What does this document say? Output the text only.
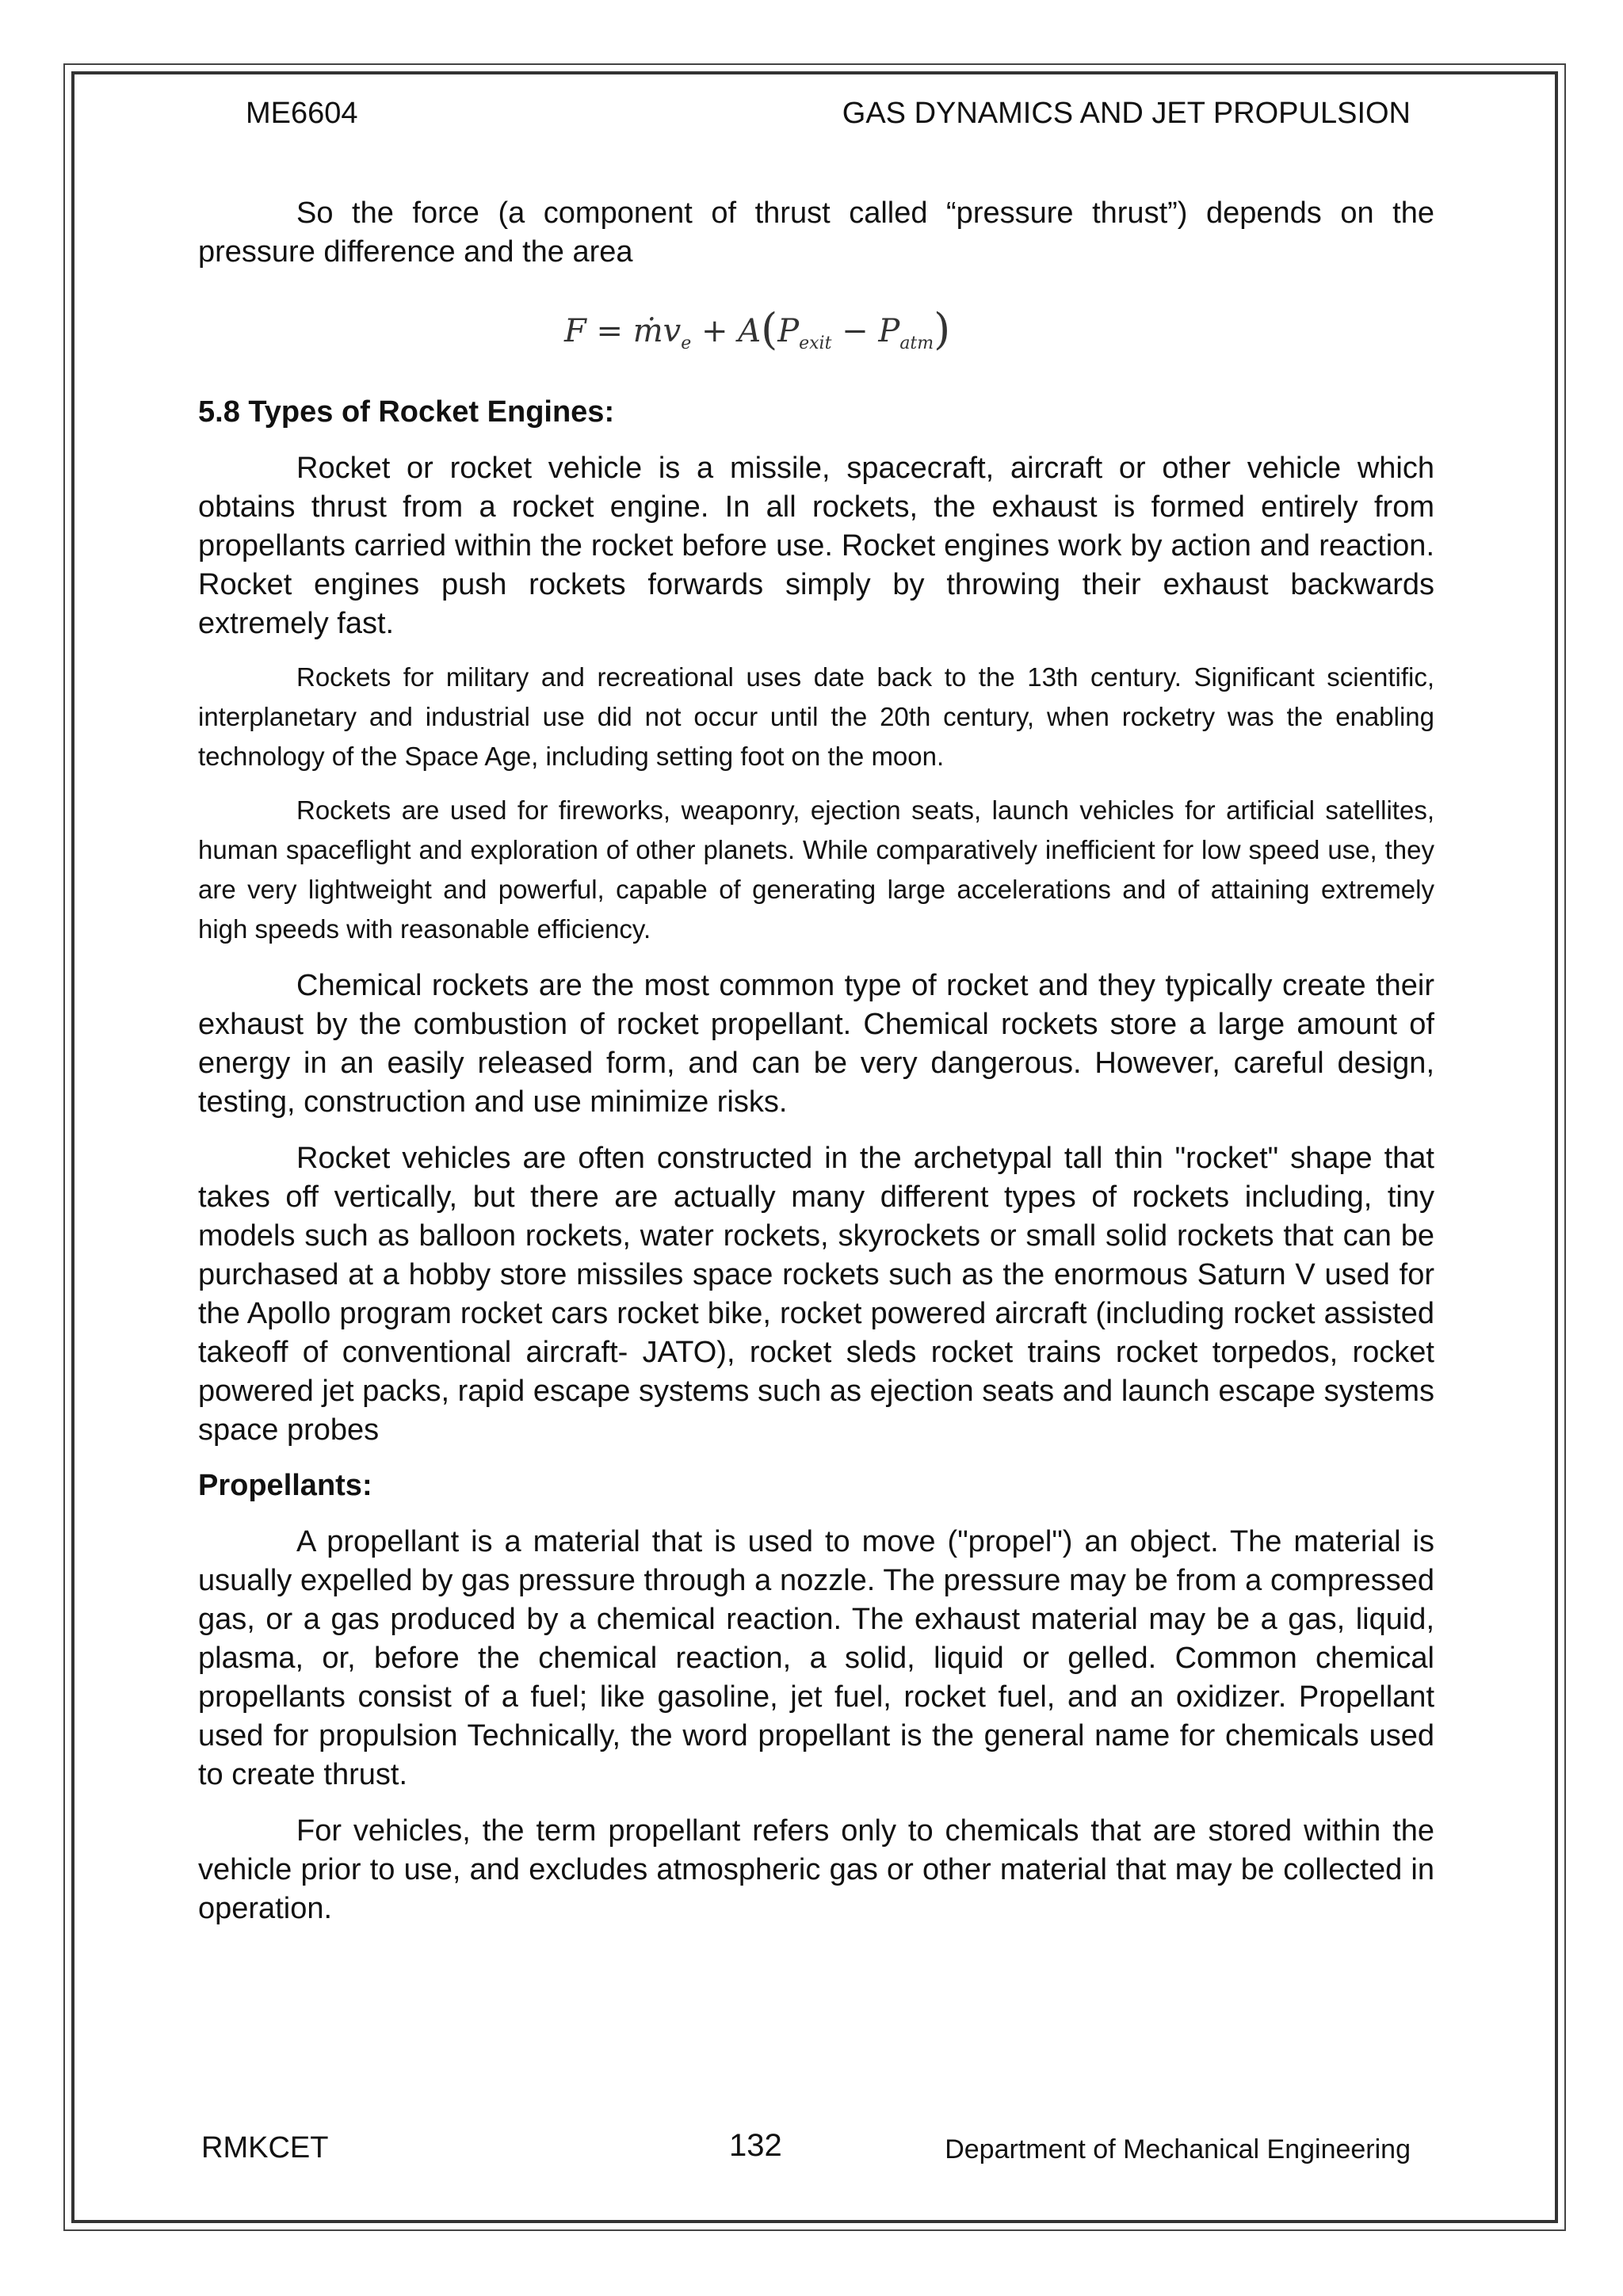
ME6604	GAS DYNAMICS AND JET PROPULSION

So the force (a component of thrust called “pressure thrust”) depends on the pressure difference and the area

F = ṁv$_e$ + $A(P_{exit} - P_{atm})$
5.8 Types of Rocket Engines:

Rocket or rocket vehicle is a missile, spacecraft, aircraft or other vehicle which obtains thrust from a rocket engine. In all rockets, the exhaust is formed entirely from propellants carried within the rocket before use. Rocket engines work by action and reaction. Rocket engines push rockets forwards simply by throwing their exhaust backwards extremely fast.

Rockets for military and recreational uses date back to the 13th century. Significant scientific, interplanetary and industrial use did not occur until the 20th century, when rocketry was the enabling technology of the Space Age, including setting foot on the moon.

Rockets are used for fireworks, weaponry, ejection seats, launch vehicles for artificial satellites, human spaceflight and exploration of other planets. While comparatively inefficient for low speed use, they are very lightweight and powerful, capable of generating large accelerations and of attaining extremely high speeds with reasonable efficiency.

Chemical rockets are the most common type of rocket and they typically create their exhaust by the combustion of rocket propellant. Chemical rockets store a large amount of energy in an easily released form, and can be very dangerous. However, careful design, testing, construction and use minimize risks.

Rocket vehicles are often constructed in the archetypal tall thin "rocket" shape that takes off vertically, but there are actually many different types of rockets including, tiny models such as balloon rockets, water rockets, skyrockets or small solid rockets that can be purchased at a hobby store missiles space rockets such as the enormous Saturn V used for the Apollo program rocket cars rocket bike, rocket powered aircraft (including rocket assisted takeoff of conventional aircraft- JATO), rocket sleds rocket trains rocket torpedos, rocket powered jet packs, rapid escape systems such as ejection seats and launch escape systems space probes

Propellants:

A propellant is a material that is used to move ("propel") an object. The material is usually expelled by gas pressure through a nozzle. The pressure may be from a compressed gas, or a gas produced by a chemical reaction. The exhaust material may be a gas, liquid, plasma, or, before the chemical reaction, a solid, liquid or gelled. Common chemical propellants consist of a fuel; like gasoline, jet fuel, rocket fuel, and an oxidizer. Propellant used for propulsion Technically, the word propellant is the general name for chemicals used to create thrust.

For vehicles, the term propellant refers only to chemicals that are stored within the vehicle prior to use, and excludes atmospheric gas or other material that may be collected in operation.

RMKCET	132	Department of Mechanical Engineering
